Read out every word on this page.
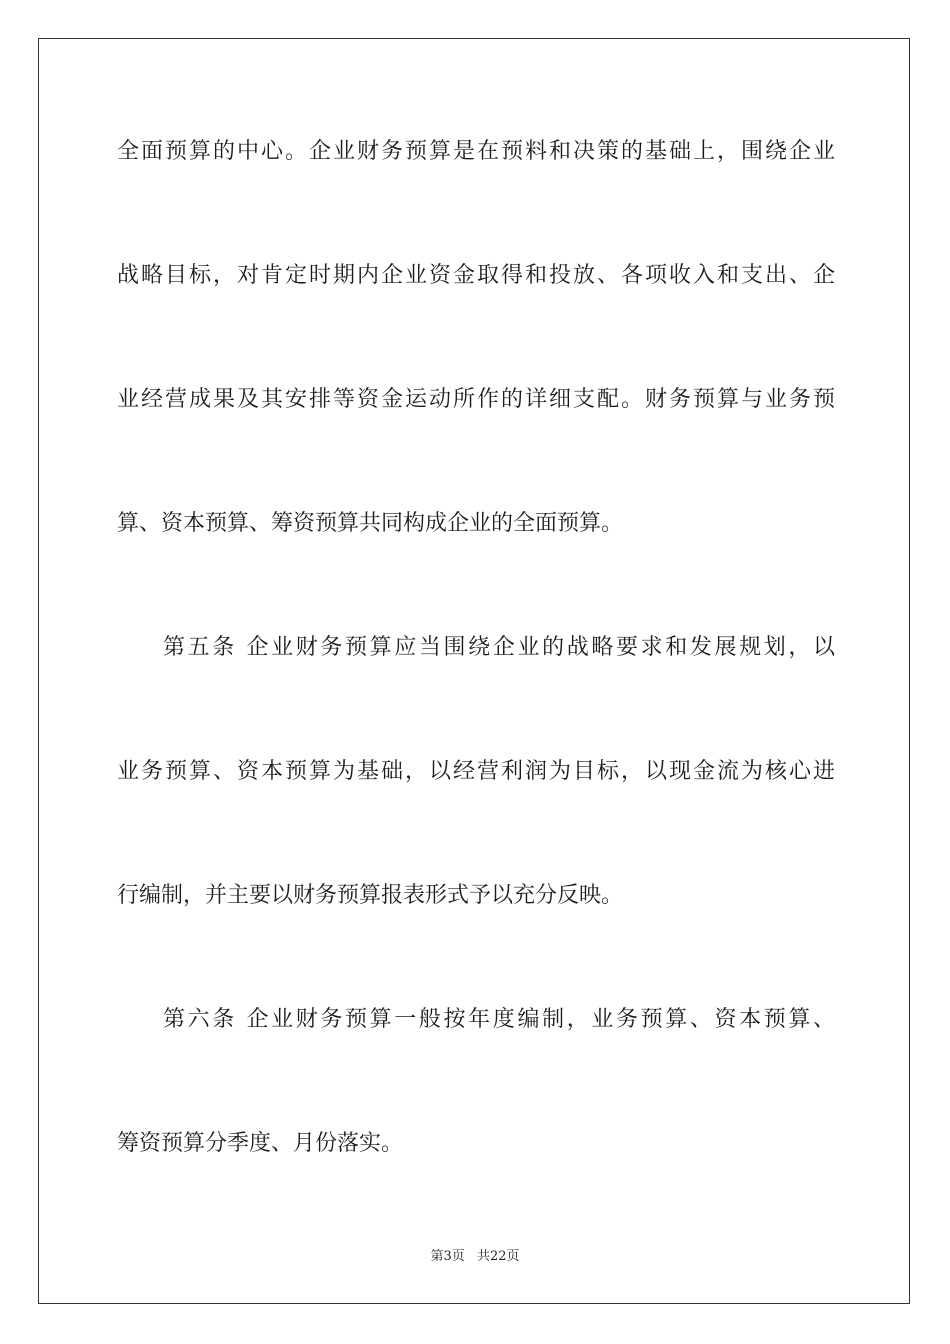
全面预算的中心。企业财务预算是在预料和决策的基础上，围绕企业
战略目标，对肯定时期内企业资金取得和投放、各项收入和支出、企
业经营成果及其安排等资金运动所作的详细支配。财务预算与业务预
算、资本预算、筹资预算共同构成企业的全面预算。
第五条 企业财务预算应当围绕企业的战略要求和发展规划，以
业务预算、资本预算为基础，以经营利润为目标，以现金流为核心进
行编制，并主要以财务预算报表形式予以充分反映。
第六条 企业财务预算一般按年度编制，业务预算、资本预算、
筹资预算分季度、月份落实。
第3页 共22页
